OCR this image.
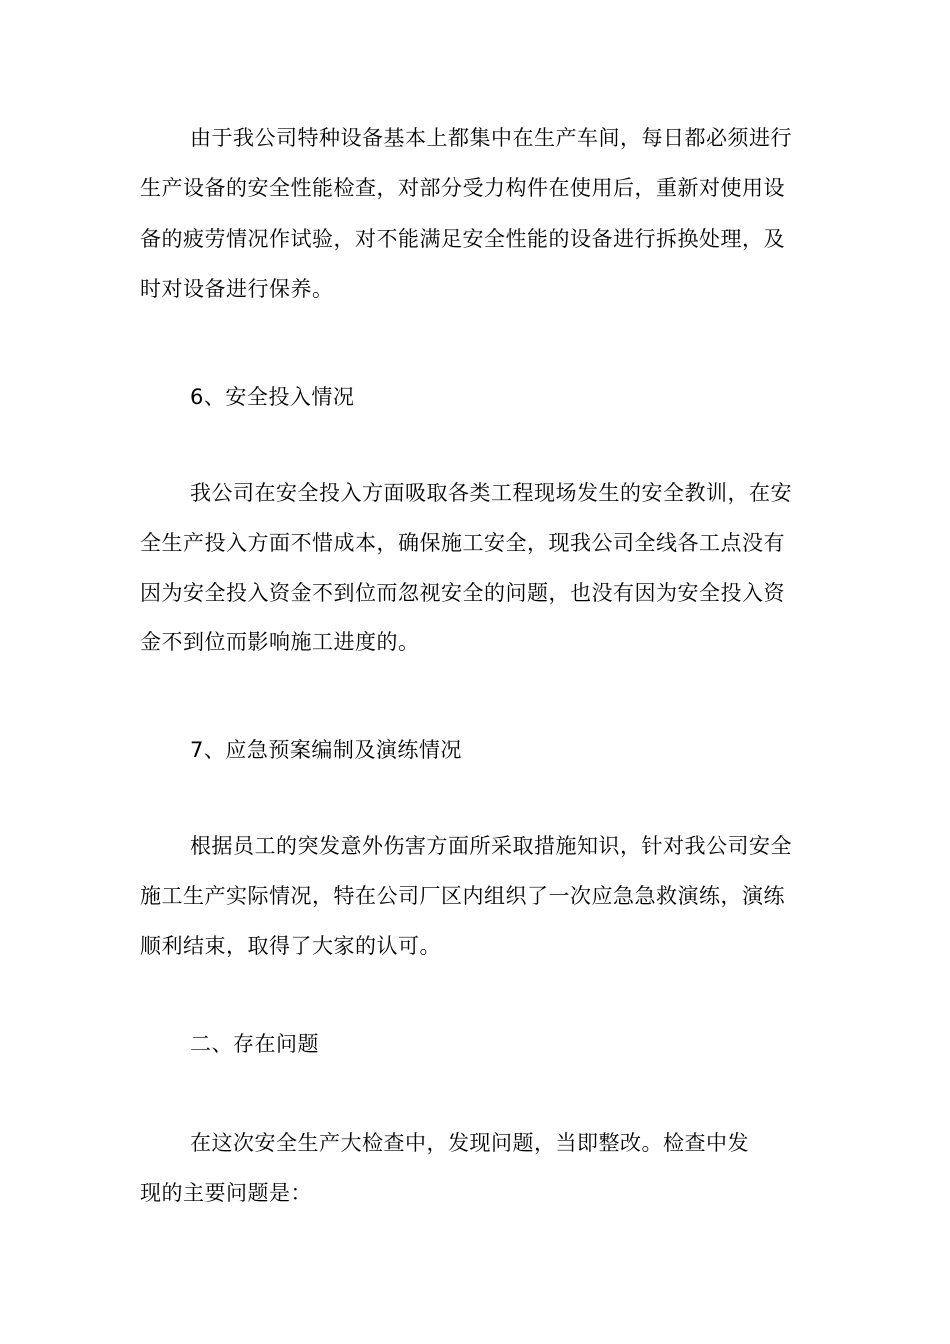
由于我公司特种设备基本上都集中在生产车间，每日都必须进行
生产设备的安全性能检查，对部分受力构件在使用后，重新对使用设
备的疲劳情况作试验，对不能满足安全性能的设备进行拆换处理，及
时对设备进行保养。
6、安全投入情况
我公司在安全投入方面吸取各类工程现场发生的安全教训，在安
全生产投入方面不惜成本，确保施工安全，现我公司全线各工点没有
因为安全投入资金不到位而忽视安全的问题，也没有因为安全投入资
金不到位而影响施工进度的。
7、应急预案编制及演练情况
根据员工的突发意外伤害方面所采取措施知识，针对我公司安全
施工生产实际情况，特在公司厂区内组织了一次应急急救演练，演练
顺利结束，取得了大家的认可。
二、存在问题
在这次安全生产大检查中，发现问题，当即整改。检查中发
现的主要问题是：
